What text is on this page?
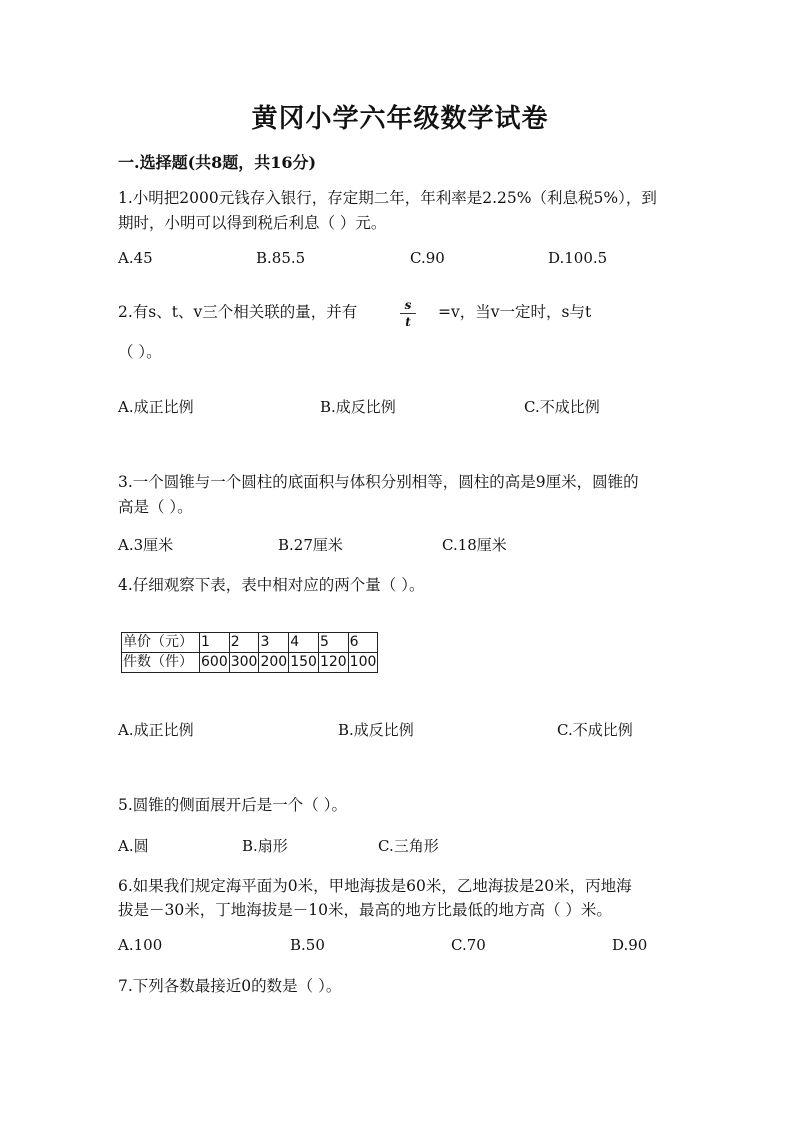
黄冈小学六年级数学试卷
一.选择题(共8题，共16分)
1.小明把2000元钱存入银行，存定期二年，年利率是2.25%（利息税5%），到
期时，小明可以得到税后利息（ ）元。
A.45	B.85.5	C.90	D.100.5
2.有s、t、v三个相关联的量，并有	s
t
=v，当v一定时，s与t
（ ）。
A.成正比例	B.成反比例	C.不成比例
3.一个圆锥与一个圆柱的底面积与体积分别相等，圆柱的高是9厘米，圆锥的
高是（ ）。
A.3厘米	B.27厘米	C.18厘米
4.仔细观察下表，表中相对应的两个量（ ）。
单价（元）	1	2	3	4	5	6
件数（件）	600	300	200	150	120	100
A.成正比例	B.成反比例	C.不成比例
5.圆锥的侧面展开后是一个（ ）。
A.圆	B.扇形	C.三角形
6.如果我们规定海平面为0米，甲地海拔是60米，乙地海拔是20米，丙地海
拔是－30米，丁地海拔是－10米，最高的地方比最低的地方高（ ）米。
A.100	B.50	C.70	D.90
7.下列各数最接近0的数是（ ）。
